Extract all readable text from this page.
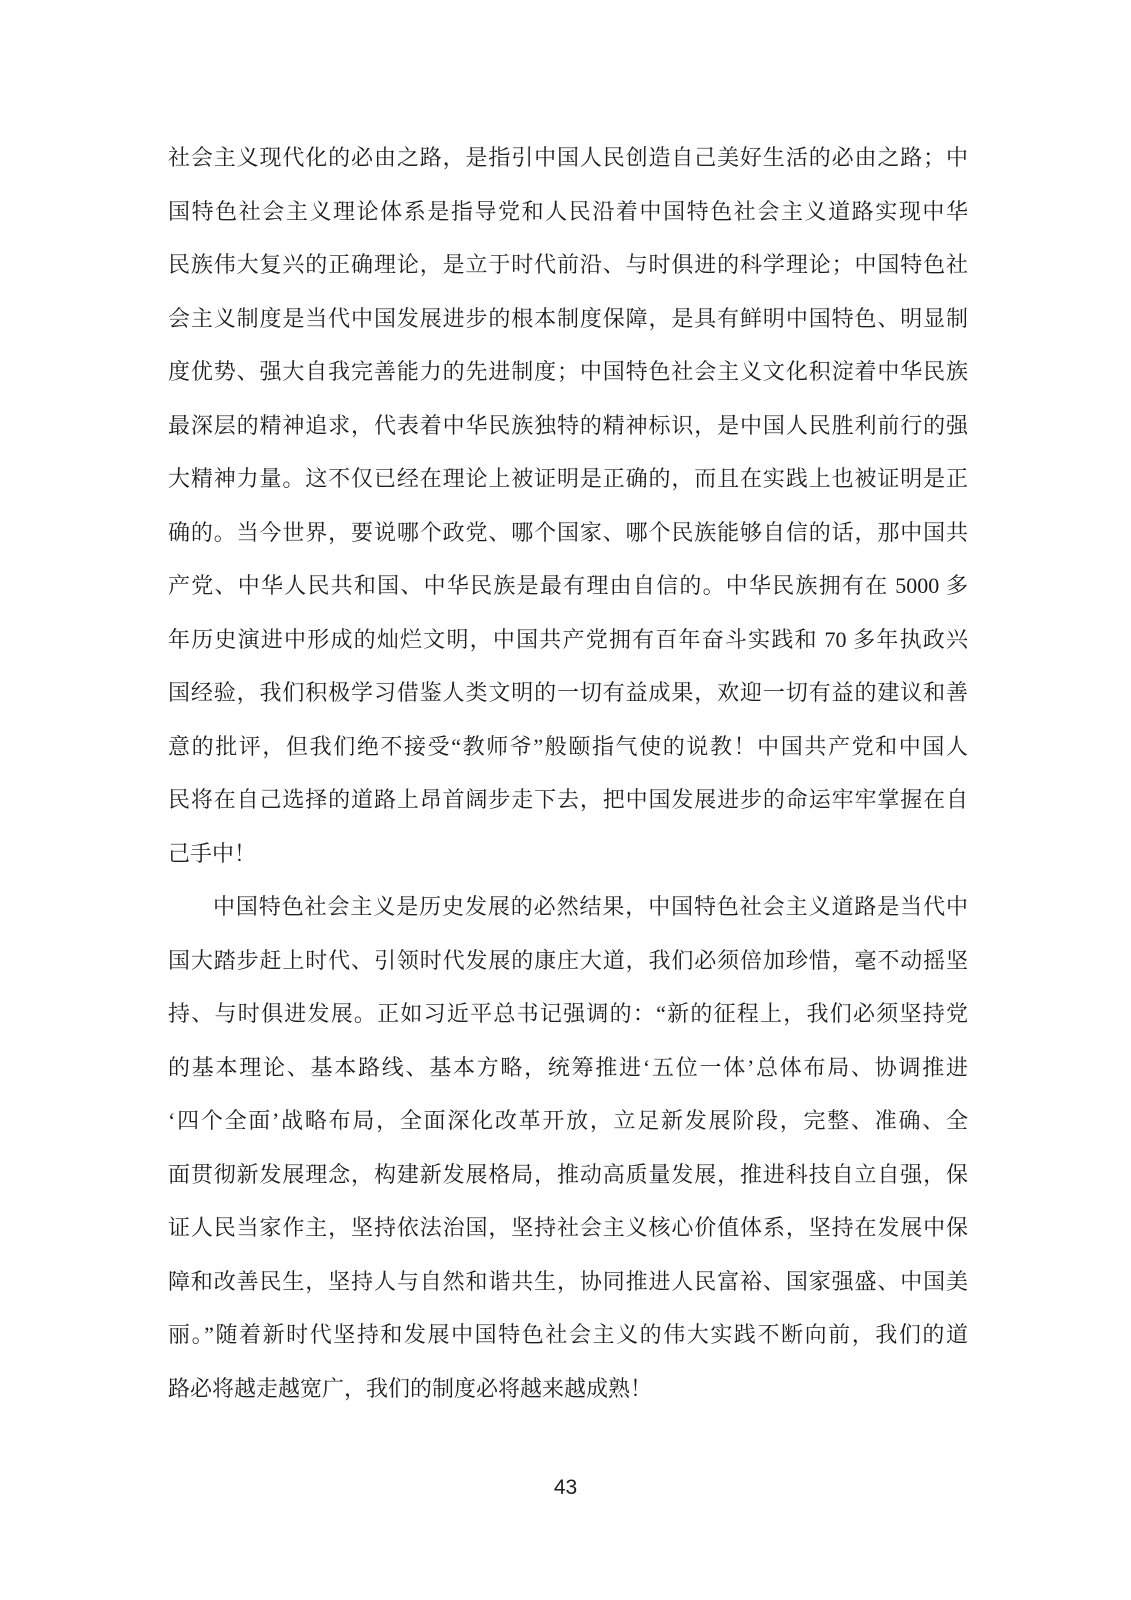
社会主义现代化的必由之路，是指引中国人民创造自己美好生活的必由之路；中

国特色社会主义理论体系是指导党和人民沿着中国特色社会主义道路实现中华

民族伟大复兴的正确理论，是立于时代前沿、与时俱进的科学理论；中国特色社

会主义制度是当代中国发展进步的根本制度保障，是具有鲜明中国特色、明显制

度优势、强大自我完善能力的先进制度；中国特色社会主义文化积淀着中华民族

最深层的精神追求，代表着中华民族独特的精神标识，是中国人民胜利前行的强

大精神力量。这不仅已经在理论上被证明是正确的，而且在实践上也被证明是正

确的。当今世界，要说哪个政党、哪个国家、哪个民族能够自信的话，那中国共

产党、中华人民共和国、中华民族是最有理由自信的。中华民族拥有在 5000 多

年历史演进中形成的灿烂文明，中国共产党拥有百年奋斗实践和 70 多年执政兴

国经验，我们积极学习借鉴人类文明的一切有益成果，欢迎一切有益的建议和善

意的批评，但我们绝不接受“教师爷”般颐指气使的说教！中国共产党和中国人

民将在自己选择的道路上昂首阔步走下去，把中国发展进步的命运牢牢掌握在自

己手中！

中国特色社会主义是历史发展的必然结果，中国特色社会主义道路是当代中

国大踏步赶上时代、引领时代发展的康庄大道，我们必须倍加珍惜，毫不动摇坚

持、与时俱进发展。正如习近平总书记强调的：“新的征程上，我们必须坚持党

的基本理论、基本路线、基本方略，统筹推进‘五位一体’总体布局、协调推进

‘四个全面’战略布局，全面深化改革开放，立足新发展阶段，完整、准确、全

面贯彻新发展理念，构建新发展格局，推动高质量发展，推进科技自立自强，保

证人民当家作主，坚持依法治国，坚持社会主义核心价值体系，坚持在发展中保

障和改善民生，坚持人与自然和谐共生，协同推进人民富裕、国家强盛、中国美

丽。”随着新时代坚持和发展中国特色社会主义的伟大实践不断向前，我们的道

路必将越走越宽广，我们的制度必将越来越成熟！

43
